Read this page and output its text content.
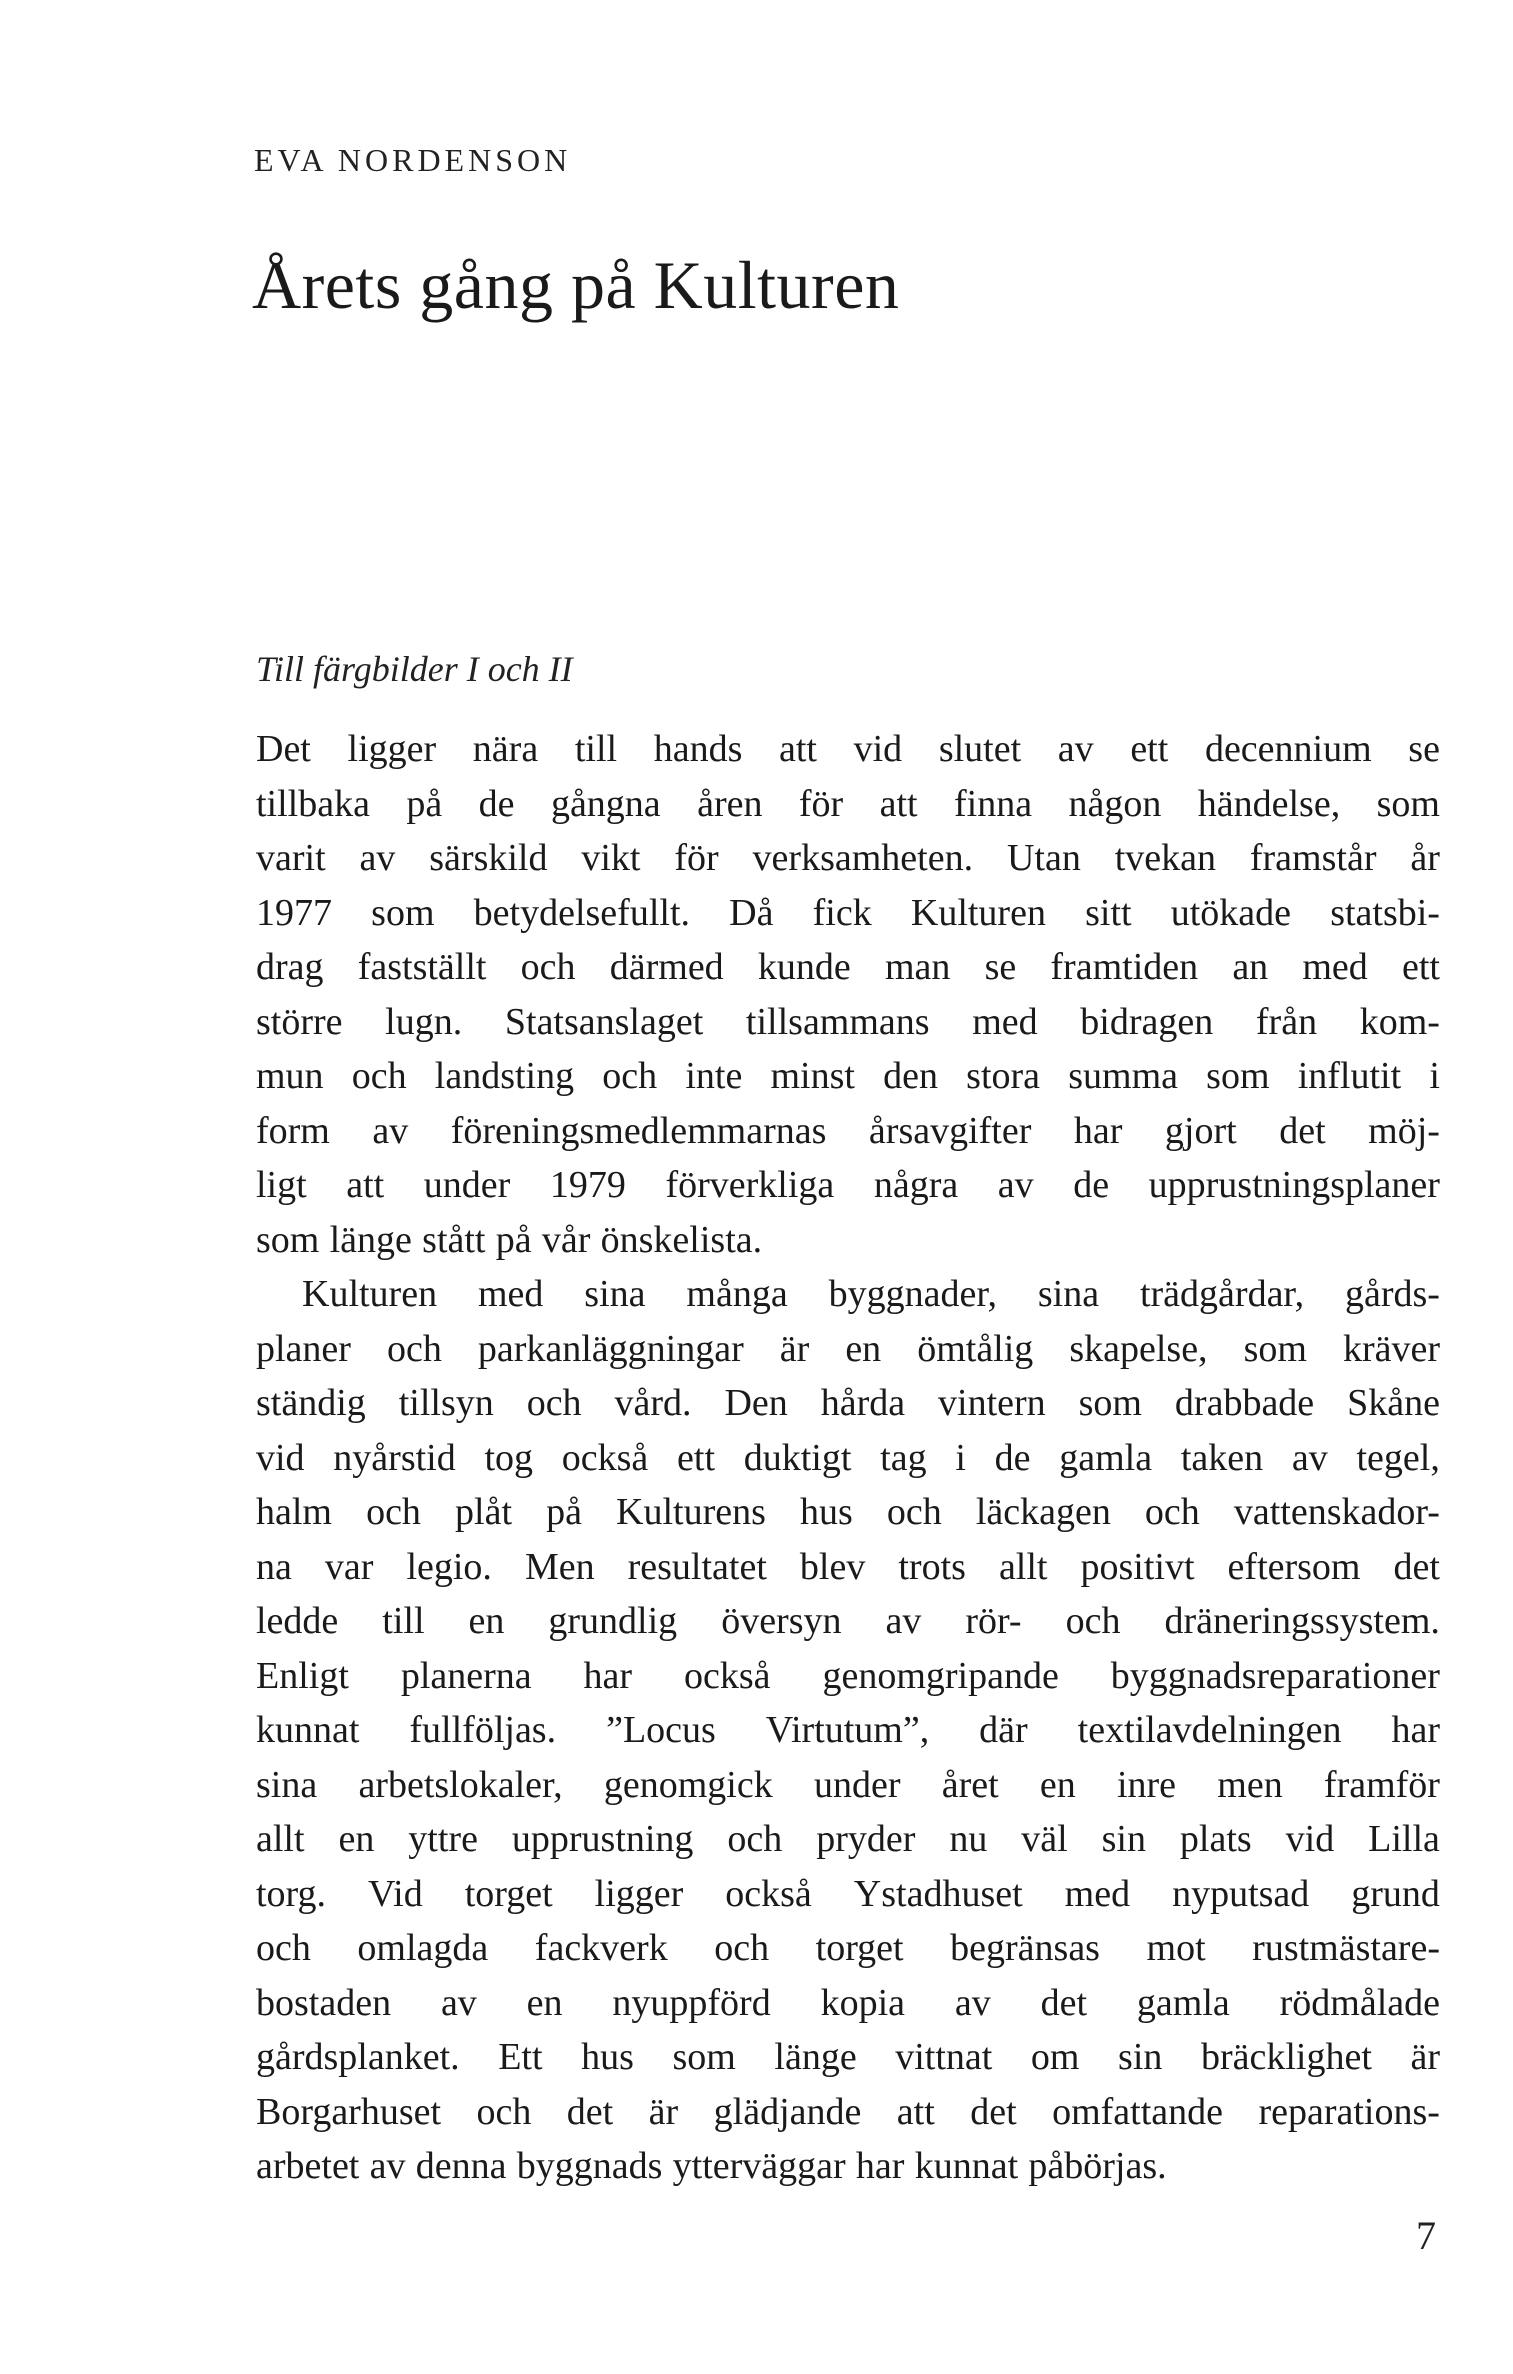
EVA NORDENSON
Årets gång på Kulturen
Till färgbilder I och II
Det ligger nära till hands att vid slutet av ett decennium se
tillbaka på de gångna åren för att finna någon händelse, som
varit av särskild vikt för verksamheten. Utan tvekan framstår år
1977 som betydelsefullt. Då fick Kulturen sitt utökade statsbi-
drag fastställt och därmed kunde man se framtiden an med ett
större lugn. Statsanslaget tillsammans med bidragen från kom-
mun och landsting och inte minst den stora summa som influtit i
form av föreningsmedlemmarnas årsavgifter har gjort det möj-
ligt att under 1979 förverkliga några av de upprustningsplaner
som länge stått på vår önskelista.
Kulturen med sina många byggnader, sina trädgårdar, gårds-
planer och parkanläggningar är en ömtålig skapelse, som kräver
ständig tillsyn och vård. Den hårda vintern som drabbade Skåne
vid nyårstid tog också ett duktigt tag i de gamla taken av tegel,
halm och plåt på Kulturens hus och läckagen och vattenskador-
na var legio. Men resultatet blev trots allt positivt eftersom det
ledde till en grundlig översyn av rör- och dräneringssystem.
Enligt planerna har också genomgripande byggnadsreparationer
kunnat fullföljas. ”Locus Virtutum”, där textilavdelningen har
sina arbetslokaler, genomgick under året en inre men framför
allt en yttre upprustning och pryder nu väl sin plats vid Lilla
torg. Vid torget ligger också Ystadhuset med nyputsad grund
och omlagda fackverk och torget begränsas mot rustmästare-
bostaden av en nyuppförd kopia av det gamla rödmålade
gårdsplanket. Ett hus som länge vittnat om sin bräcklighet är
Borgarhuset och det är glädjande att det omfattande reparations-
arbetet av denna byggnads ytterväggar har kunnat påbörjas.
7
